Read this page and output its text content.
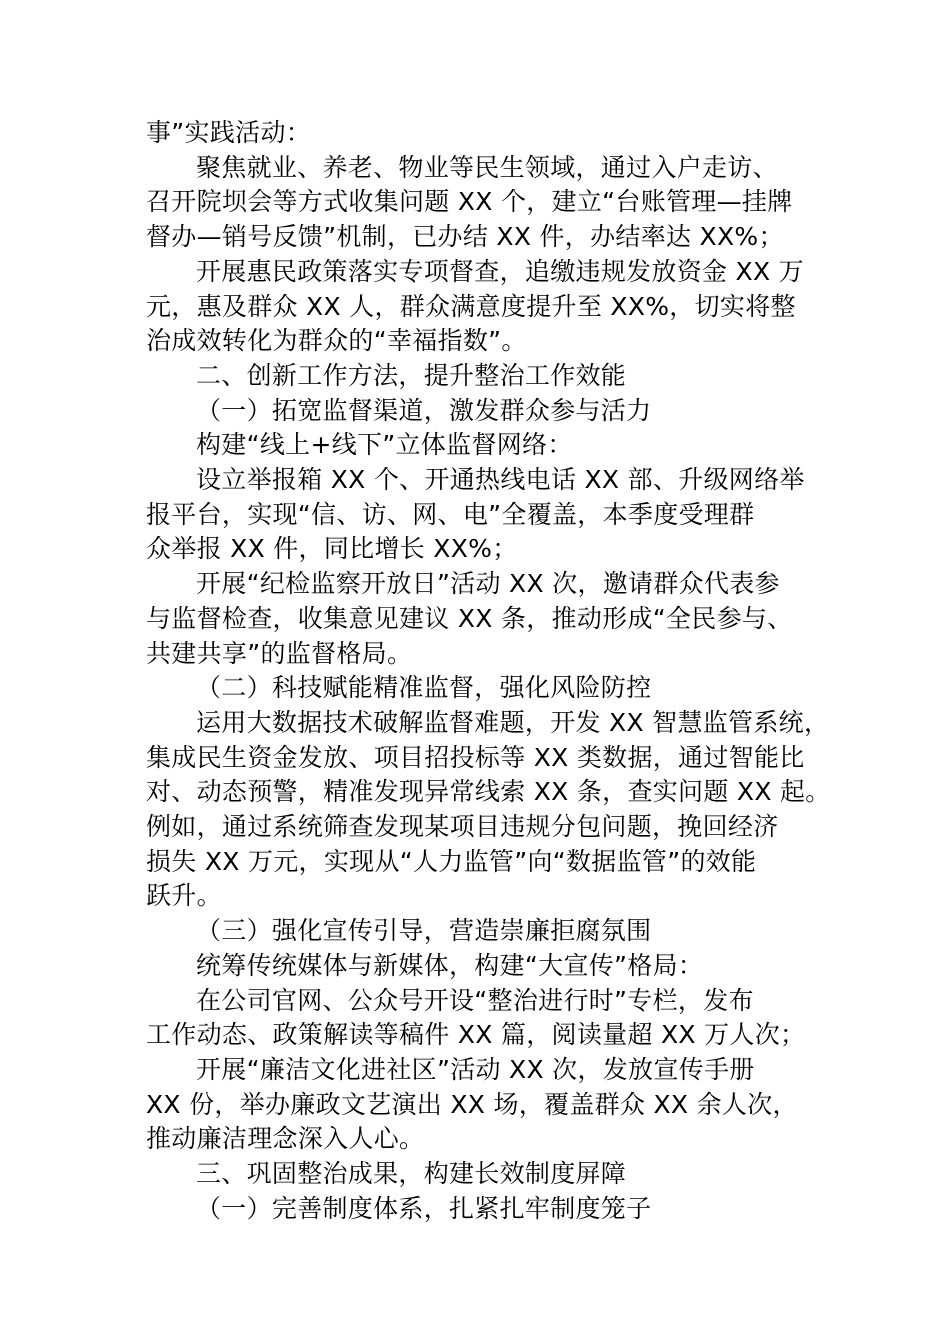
事”实践活动：
聚焦就业、养老、物业等民生领域，通过入户走访、
召开院坝会等方式收集问题 XX 个，建立“台账管理—挂牌
督办—销号反馈”机制，已办结 XX 件，办结率达 XX%；
开展惠民政策落实专项督查，追缴违规发放资金 XX 万
元，惠及群众 XX 人，群众满意度提升至 XX%，切实将整
治成效转化为群众的“幸福指数”。
二、创新工作方法，提升整治工作效能
（一）拓宽监督渠道，激发群众参与活力
构建“线上+线下”立体监督网络：
设立举报箱 XX 个、开通热线电话 XX 部、升级网络举
报平台，实现“信、访、网、电”全覆盖，本季度受理群
众举报 XX 件，同比增长 XX%；
开展“纪检监察开放日”活动 XX 次，邀请群众代表参
与监督检查，收集意见建议 XX 条，推动形成“全民参与、
共建共享”的监督格局。
（二）科技赋能精准监督，强化风险防控
运用大数据技术破解监督难题，开发 XX 智慧监管系统，
集成民生资金发放、项目招投标等 XX 类数据，通过智能比
对、动态预警，精准发现异常线索 XX 条，查实问题 XX 起。
例如，通过系统筛查发现某项目违规分包问题，挽回经济
损失 XX 万元，实现从“人力监管”向“数据监管”的效能
跃升。
（三）强化宣传引导，营造崇廉拒腐氛围
统筹传统媒体与新媒体，构建“大宣传”格局：
在公司官网、公众号开设“整治进行时”专栏，发布
工作动态、政策解读等稿件 XX 篇，阅读量超 XX 万人次；
开展“廉洁文化进社区”活动 XX 次，发放宣传手册
XX 份，举办廉政文艺演出 XX 场，覆盖群众 XX 余人次，
推动廉洁理念深入人心。
三、巩固整治成果，构建长效制度屏障
（一）完善制度体系，扎紧扎牢制度笼子
